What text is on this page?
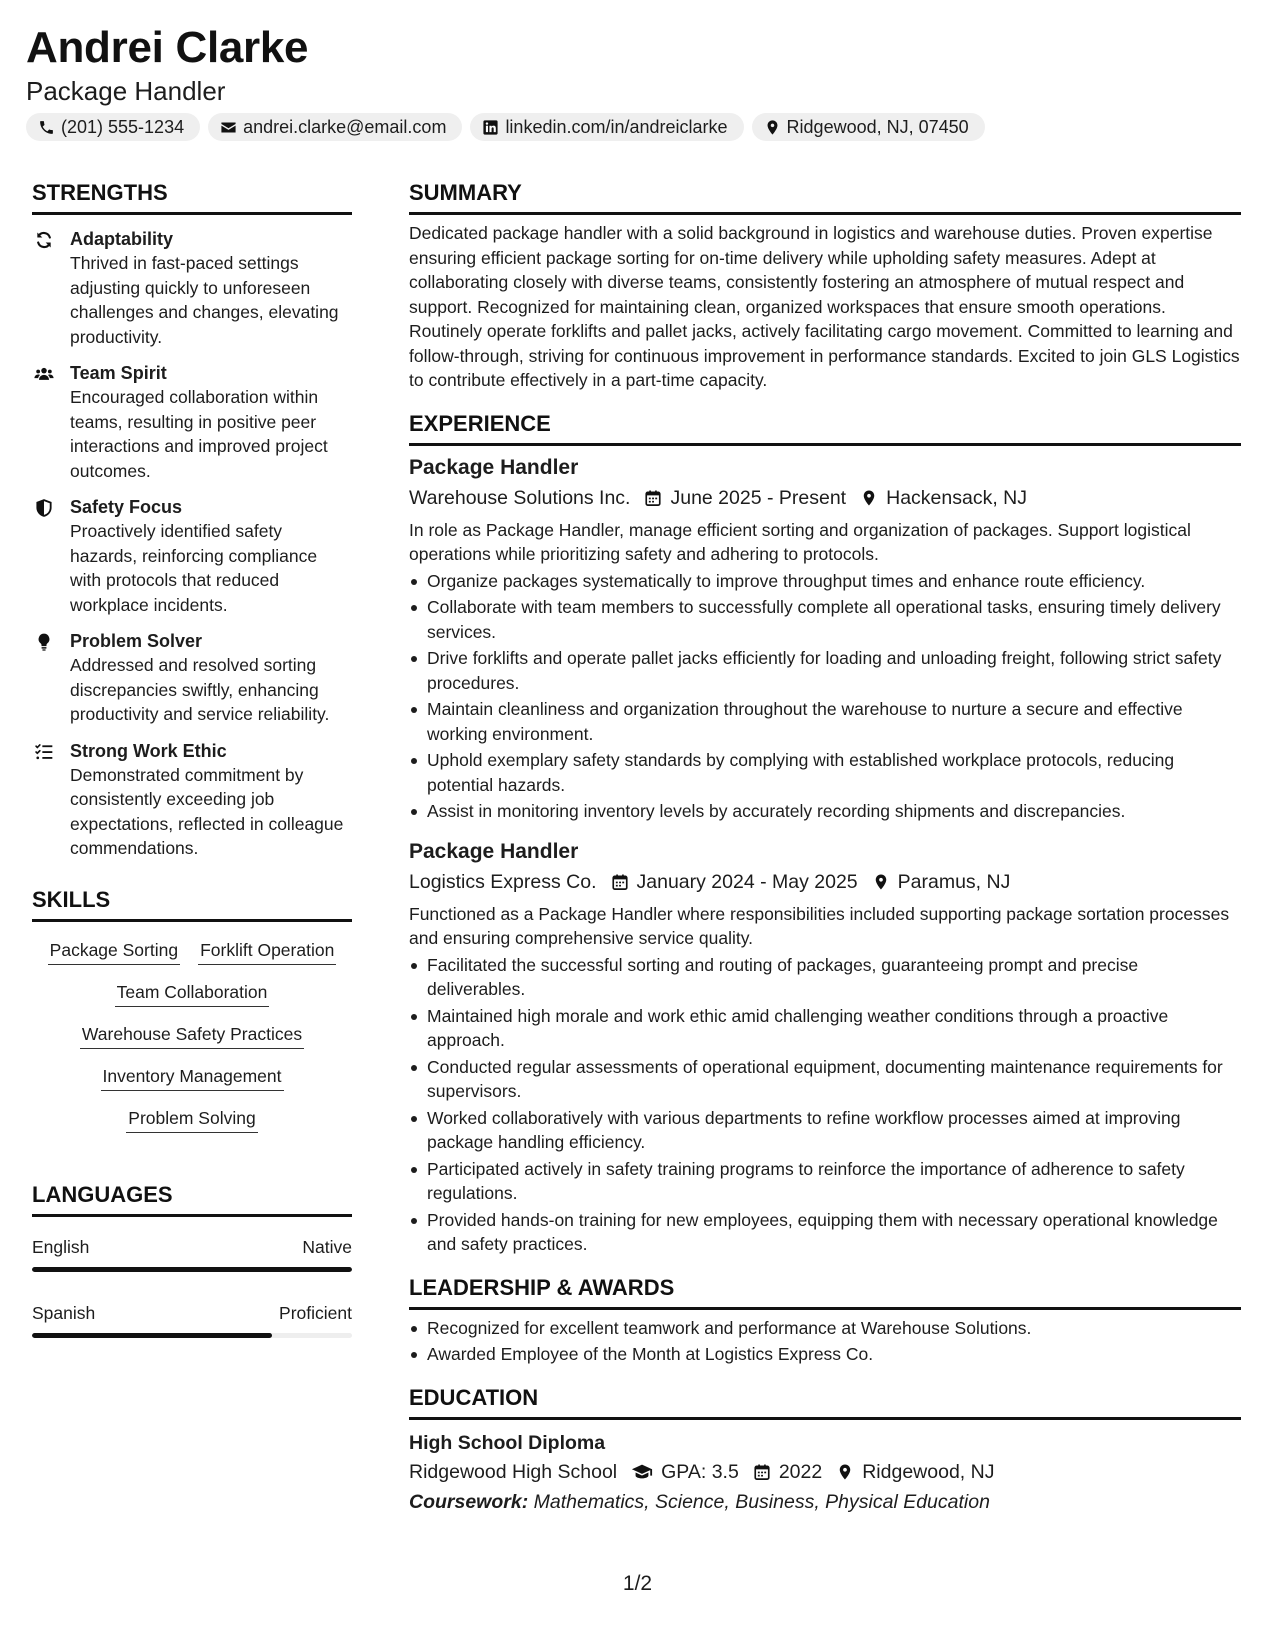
Andrei Clarke
Package Handler
(201) 555-1234	andrei.clarke@email.com	linkedin.com/in/andreiclarke	Ridgewood, NJ, 07450
STRENGTHS
Adaptability
Thrived in fast-paced settings adjusting quickly to unforeseen challenges and changes, elevating productivity.
Team Spirit
Encouraged collaboration within teams, resulting in positive peer interactions and improved project outcomes.
Safety Focus
Proactively identified safety hazards, reinforcing compliance with protocols that reduced workplace incidents.
Problem Solver
Addressed and resolved sorting discrepancies swiftly, enhancing productivity and service reliability.
Strong Work Ethic
Demonstrated commitment by consistently exceeding job expectations, reflected in colleague commendations.
SKILLS
Package Sorting Forklift Operation
Team Collaboration
Warehouse Safety Practices
Inventory Management
Problem Solving
LANGUAGES
English	Native
Spanish	Proficient
SUMMARY
Dedicated package handler with a solid background in logistics and warehouse duties. Proven expertise ensuring efficient package sorting for on-time delivery while upholding safety measures. Adept at collaborating closely with diverse teams, consistently fostering an atmosphere of mutual respect and support. Recognized for maintaining clean, organized workspaces that ensure smooth operations. Routinely operate forklifts and pallet jacks, actively facilitating cargo movement. Committed to learning and follow-through, striving for continuous improvement in performance standards. Excited to join GLS Logistics to contribute effectively in a part-time capacity.
EXPERIENCE
Package Handler
Warehouse Solutions Inc. June 2025 - Present Hackensack, NJ
In role as Package Handler, manage efficient sorting and organization of packages. Support logistical operations while prioritizing safety and adhering to protocols.
Organize packages systematically to improve throughput times and enhance route efficiency.
Collaborate with team members to successfully complete all operational tasks, ensuring timely delivery services.
Drive forklifts and operate pallet jacks efficiently for loading and unloading freight, following strict safety procedures.
Maintain cleanliness and organization throughout the warehouse to nurture a secure and effective working environment.
Uphold exemplary safety standards by complying with established workplace protocols, reducing potential hazards.
Assist in monitoring inventory levels by accurately recording shipments and discrepancies.
Package Handler
Logistics Express Co. January 2024 - May 2025 Paramus, NJ
Functioned as a Package Handler where responsibilities included supporting package sortation processes and ensuring comprehensive service quality.
Facilitated the successful sorting and routing of packages, guaranteeing prompt and precise deliverables.
Maintained high morale and work ethic amid challenging weather conditions through a proactive approach.
Conducted regular assessments of operational equipment, documenting maintenance requirements for supervisors.
Worked collaboratively with various departments to refine workflow processes aimed at improving package handling efficiency.
Participated actively in safety training programs to reinforce the importance of adherence to safety regulations.
Provided hands-on training for new employees, equipping them with necessary operational knowledge and safety practices.
LEADERSHIP & AWARDS
Recognized for excellent teamwork and performance at Warehouse Solutions.
Awarded Employee of the Month at Logistics Express Co.
EDUCATION
High School Diploma
Ridgewood High School GPA: 3.5 2022 Ridgewood, NJ
Coursework: Mathematics, Science, Business, Physical Education
1/2
